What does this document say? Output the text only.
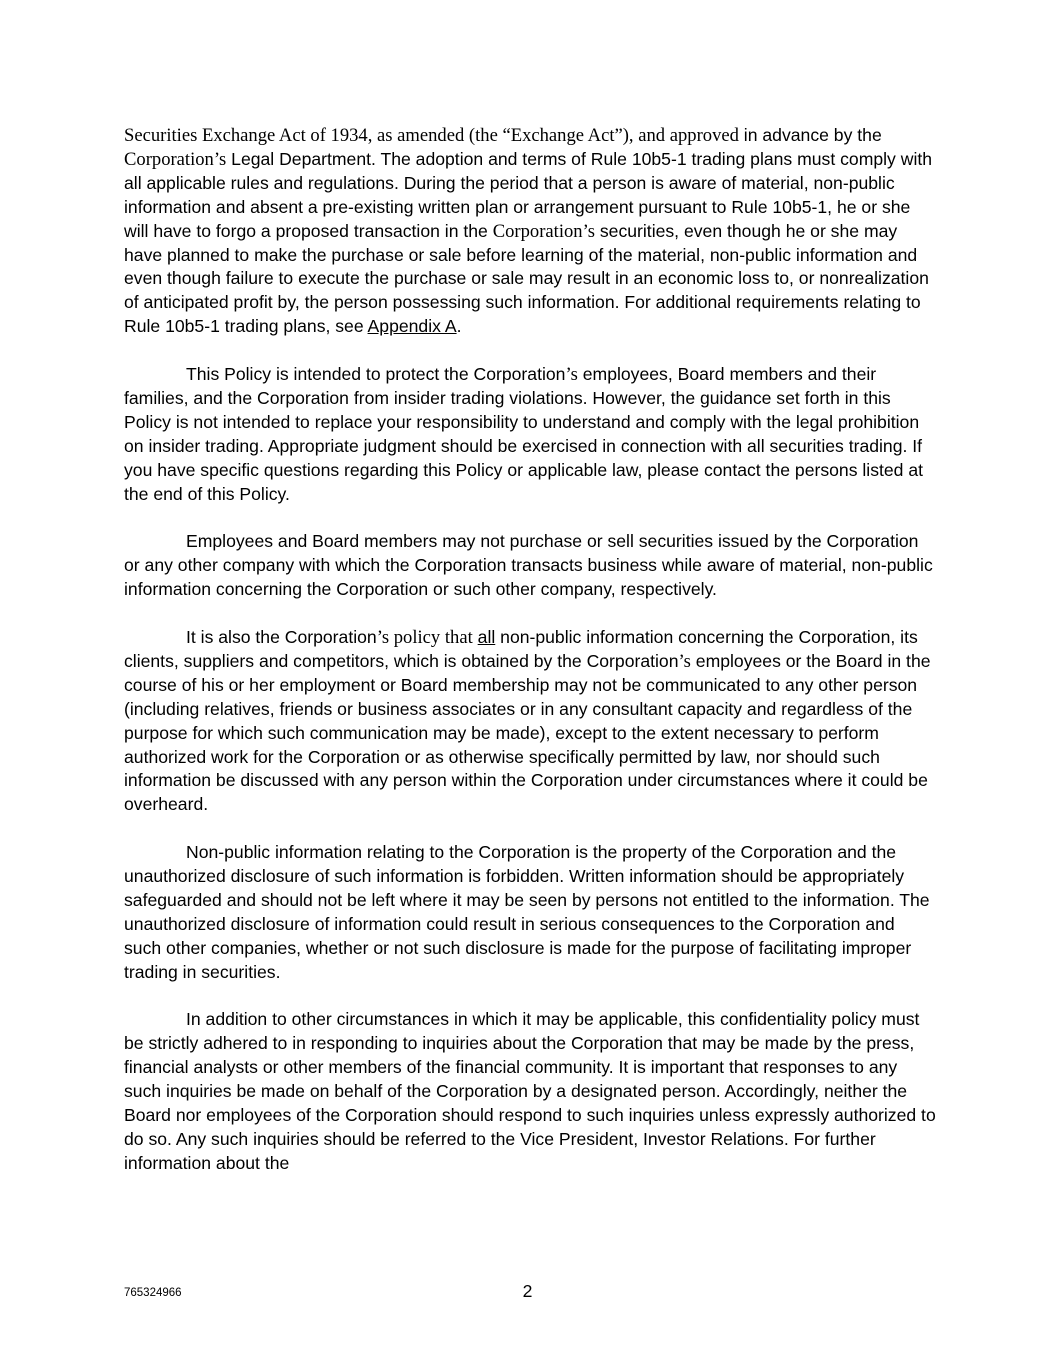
Securities Exchange Act of 1934, as amended (the “Exchange Act”), and approved in advance by the Corporation’s Legal Department. The adoption and terms of Rule 10b5-1 trading plans must comply with all applicable rules and regulations. During the period that a person is aware of material, non-public information and absent a pre-existing written plan or arrangement pursuant to Rule 10b5-1, he or she will have to forgo a proposed transaction in the Corporation’s securities, even though he or she may have planned to make the purchase or sale before learning of the material, non-public information and even though failure to execute the purchase or sale may result in an economic loss to, or nonrealization of anticipated profit by, the person possessing such information. For additional requirements relating to Rule 10b5-1 trading plans, see Appendix A.

This Policy is intended to protect the Corporation’s employees, Board members and their families, and the Corporation from insider trading violations. However, the guidance set forth in this Policy is not intended to replace your responsibility to understand and comply with the legal prohibition on insider trading. Appropriate judgment should be exercised in connection with all securities trading. If you have specific questions regarding this Policy or applicable law, please contact the persons listed at the end of this Policy.

Employees and Board members may not purchase or sell securities issued by the Corporation or any other company with which the Corporation transacts business while aware of material, non-public information concerning the Corporation or such other company, respectively.

It is also the Corporation’s policy that all non-public information concerning the Corporation, its clients, suppliers and competitors, which is obtained by the Corporation’s employees or the Board in the course of his or her employment or Board membership may not be communicated to any other person (including relatives, friends or business associates or in any consultant capacity and regardless of the purpose for which such communication may be made), except to the extent necessary to perform authorized work for the Corporation or as otherwise specifically permitted by law, nor should such information be discussed with any person within the Corporation under circumstances where it could be overheard.

Non-public information relating to the Corporation is the property of the Corporation and the unauthorized disclosure of such information is forbidden. Written information should be appropriately safeguarded and should not be left where it may be seen by persons not entitled to the information. The unauthorized disclosure of information could result in serious consequences to the Corporation and such other companies, whether or not such disclosure is made for the purpose of facilitating improper trading in securities.

In addition to other circumstances in which it may be applicable, this confidentiality policy must be strictly adhered to in responding to inquiries about the Corporation that may be made by the press, financial analysts or other members of the financial community. It is important that responses to any such inquiries be made on behalf of the Corporation by a designated person. Accordingly, neither the Board nor employees of the Corporation should respond to such inquiries unless expressly authorized to do so. Any such inquiries should be referred to the Vice President, Investor Relations. For further information about the

765324966	2
